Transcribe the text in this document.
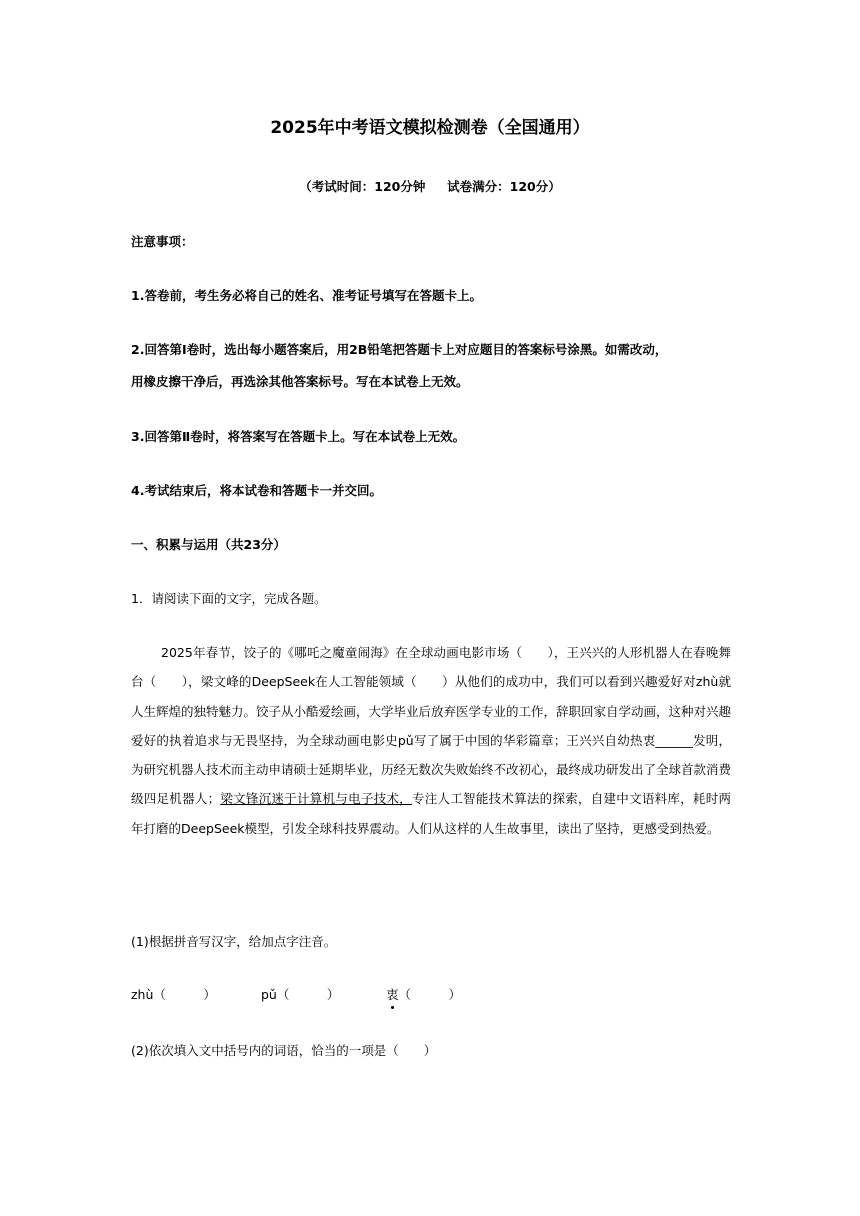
2025年中考语文模拟检测卷（全国通用）
（考试时间：120分钟     试卷满分：120分）
注意事项：
1.答卷前，考生务必将自己的姓名、准考证号填写在答题卡上。
2.回答第Ⅰ卷时，选出每小题答案后，用2B铅笔把答题卡上对应题目的答案标号涂黑。如需改动，
用橡皮擦干净后，再选涂其他答案标号。写在本试卷上无效。
3.回答第Ⅱ卷时，将答案写在答题卡上。写在本试卷上无效。
4.考试结束后，将本试卷和答题卡一并交回。
一、积累与运用（共23分）
1．请阅读下面的文字，完成各题。
2025年春节，饺子的《哪吒之魔童闹海》在全球动画电影市场（　　），王兴兴的人形机器人在春晚舞台（　　），梁文峰的DeepSeek在人工智能领域（　　）从他们的成功中，我们可以看到兴趣爱好对zhù就人生辉煌的独特魅力。饺子从小酷爱绘画，大学毕业后放弃医学专业的工作，辞职回家自学动画，这种对兴趣爱好的执着追求与无畏坚持，为全球动画电影史pǔ写了属于中国的华彩篇章；王兴兴自幼热衷______发明，为研究机器人技术而主动申请硕士延期毕业，历经无数次失败始终不改初心，最终成功研发出了全球首款消费级四足机器人；梁文锋沉迷于计算机与电子技术，专注人工智能技术算法的探索，自建中文语料库，耗时两年打磨的DeepSeek模型，引发全球科技界震动。人们从这样的人生故事里，读出了坚持，更感受到热爱。
(1)根据拼音写汉字，给加点字注音。
zhù（　　　）	pǔ（　　　）	衷（　　　）
(2)依次填入文中括号内的词语，恰当的一项是（　　）
